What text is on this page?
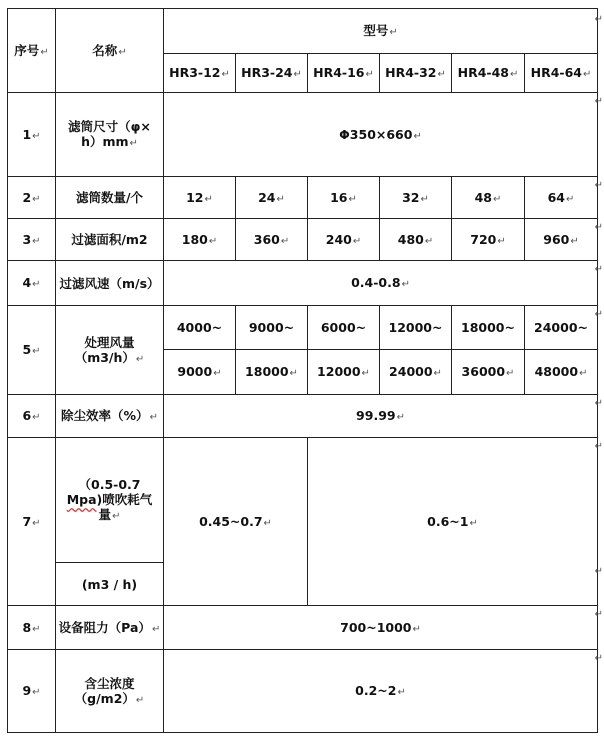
序号↵	名称↵	型号↵					
		HR3-12↵	HR3-24↵	HR4-16↵	HR4-32↵	HR4-48↵	HR4-64↵
1↵	滤筒尺寸（φ×
h）mm↵	Φ350×660↵					
2↵	滤筒数量/个	12↵	24↵	16↵	32↵	48↵	64↵
3↵	过滤面积/m2	180↵	360↵	240↵	480↵	720↵	960↵
4↵	过滤风速（m/s）	0.4-0.8↵					
5↵	处理风量
（m3/h）↵	4000~	9000~	6000~	12000~	18000~	24000~
		9000↵	18000↵	12000↵	24000↵	36000↵	48000↵
6↵	除尘效率（%）↵	99.99↵					
7↵	（0.5-0.7
Mpa)喷吹耗气
量↵	0.45~0.7↵		0.6~1↵			
	(m3 / h)						
8↵	设备阻力（Pa）↵	700~1000↵					
9↵	含尘浓度
（g/m2）↵	0.2~2↵					
↵
↵
↵
↵
↵
↵
↵
↵
↵
↵
↵
